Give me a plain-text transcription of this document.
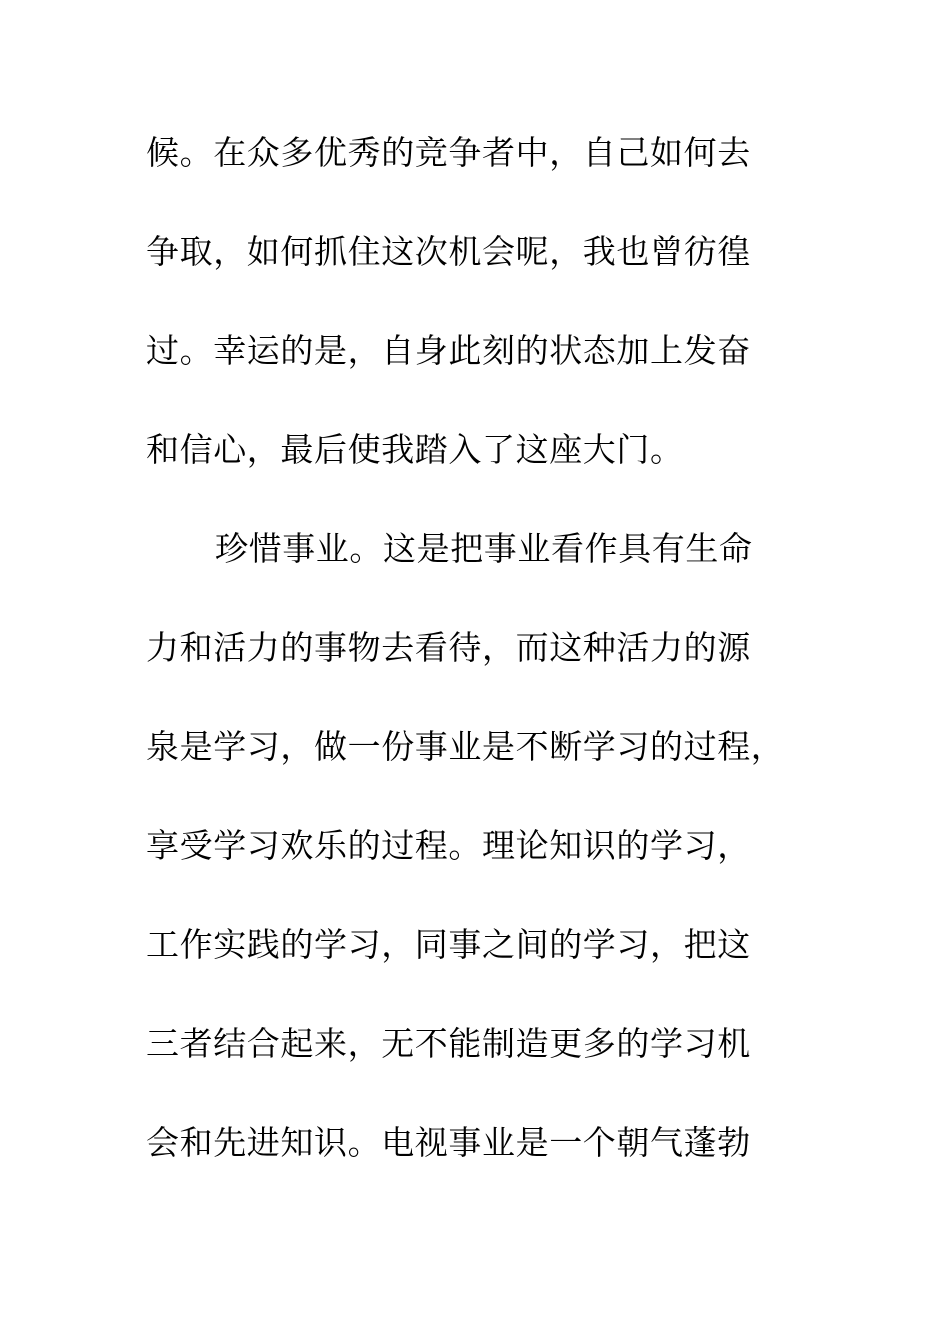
候。在众多优秀的竞争者中，自己如何去
争取，如何抓住这次机会呢，我也曾彷徨
过。幸运的是，自身此刻的状态加上发奋
和信心，最后使我踏入了这座大门。
珍惜事业。这是把事业看作具有生命
力和活力的事物去看待，而这种活力的源
泉是学习，做一份事业是不断学习的过程，
享受学习欢乐的过程。理论知识的学习，
工作实践的学习，同事之间的学习，把这
三者结合起来，无不能制造更多的学习机
会和先进知识。电视事业是一个朝气蓬勃
